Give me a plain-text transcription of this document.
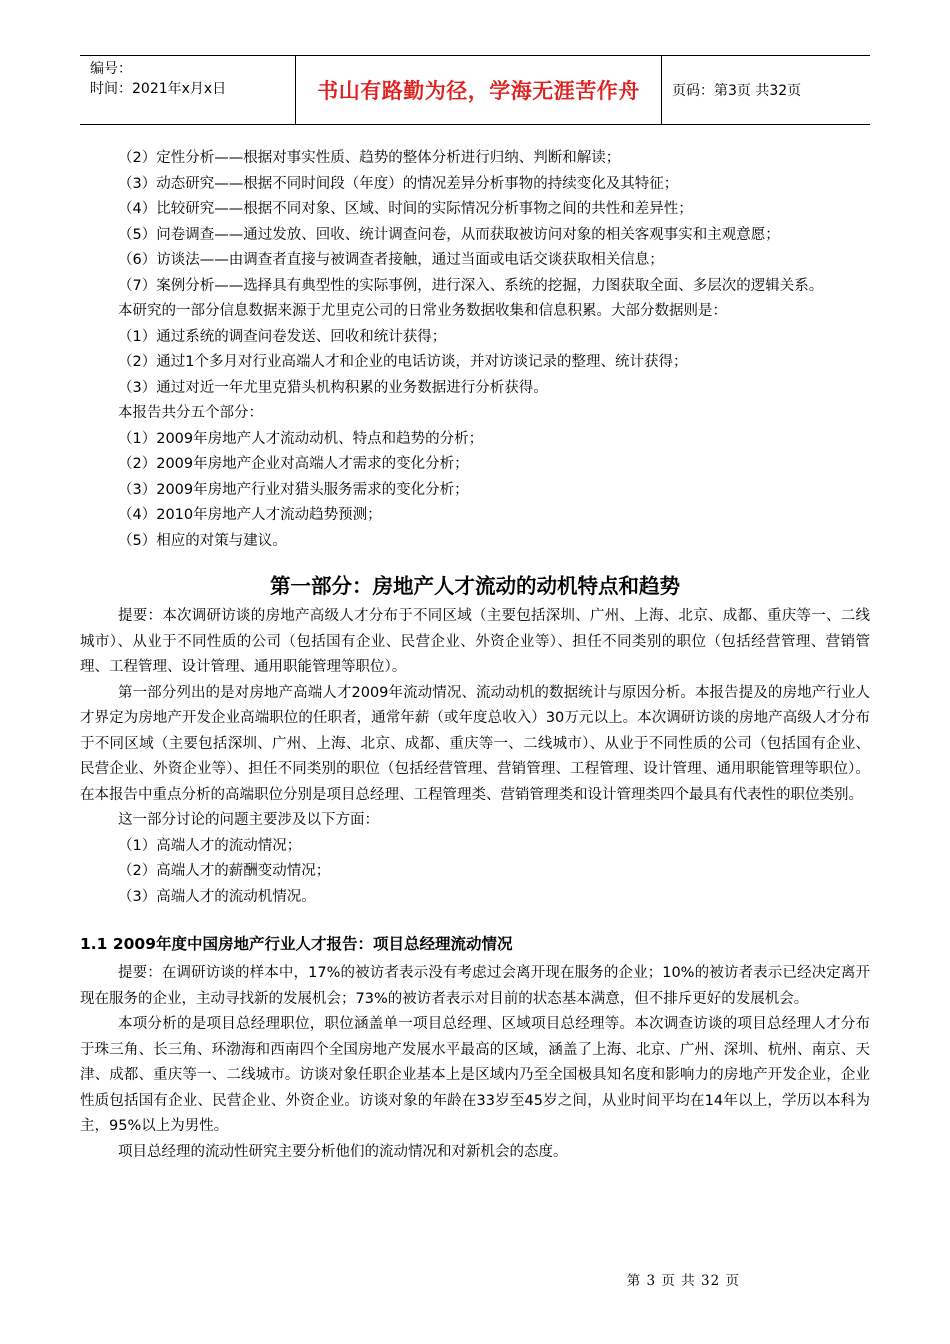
编号：
时间：2021年x月x日	书山有路勤为径，学海无涯苦作舟 页码：第3页 共32页
（2）定性分析——根据对事实性质、趋势的整体分析进行归纳、判断和解读；
（3）动态研究——根据不同时间段（年度）的情况差异分析事物的持续变化及其特征；
（4）比较研究——根据不同对象、区域、时间的实际情况分析事物之间的共性和差异性；
（5）问卷调查——通过发放、回收、统计调查问卷，从而获取被访问对象的相关客观事实和主观意愿；
（6）访谈法——由调查者直接与被调查者接触，通过当面或电话交谈获取相关信息；
（7）案例分析——选择具有典型性的实际事例，进行深入、系统的挖掘，力图获取全面、多层次的逻辑关系。
本研究的一部分信息数据来源于尤里克公司的日常业务数据收集和信息积累。大部分数据则是：
（1）通过系统的调查问卷发送、回收和统计获得；
（2）通过1个多月对行业高端人才和企业的电话访谈，并对访谈记录的整理、统计获得；
（3）通过对近一年尤里克猎头机构积累的业务数据进行分析获得。
本报告共分五个部分：
（1）2009年房地产人才流动动机、特点和趋势的分析；
（2）2009年房地产企业对高端人才需求的变化分析；
（3）2009年房地产行业对猎头服务需求的变化分析；
（4）2010年房地产人才流动趋势预测；
（5）相应的对策与建议。
第一部分：房地产人才流动的动机特点和趋势
提要：本次调研访谈的房地产高级人才分布于不同区域（主要包括深圳、广州、上海、北京、成都、重庆等一、二线城市）、从业于不同性质的公司（包括国有企业、民营企业、外资企业等）、担任不同类别的职位（包括经营管理、营销管理、工程管理、设计管理、通用职能管理等职位）。
第一部分列出的是对房地产高端人才2009年流动情况、流动动机的数据统计与原因分析。本报告提及的房地产行业人才界定为房地产开发企业高端职位的任职者，通常年薪（或年度总收入）30万元以上。本次调研访谈的房地产高级人才分布于不同区域（主要包括深圳、广州、上海、北京、成都、重庆等一、二线城市）、从业于不同性质的公司（包括国有企业、民营企业、外资企业等）、担任不同类别的职位（包括经营管理、营销管理、工程管理、设计管理、通用职能管理等职位）。在本报告中重点分析的高端职位分别是项目总经理、工程管理类、营销管理类和设计管理类四个最具有代表性的职位类别。
这一部分讨论的问题主要涉及以下方面：
（1）高端人才的流动情况；
（2）高端人才的薪酬变动情况；
（3）高端人才的流动机情况。
1.1 2009年度中国房地产行业人才报告：项目总经理流动情况
提要：在调研访谈的样本中，17%的被访者表示没有考虑过会离开现在服务的企业；10%的被访者表示已经决定离开现在服务的企业，主动寻找新的发展机会；73%的被访者表示对目前的状态基本满意，但不排斥更好的发展机会。
本项分析的是项目总经理职位，职位涵盖单一项目总经理、区域项目总经理等。本次调查访谈的项目总经理人才分布于珠三角、长三角、环渤海和西南四个全国房地产发展水平最高的区域，涵盖了上海、北京、广州、深圳、杭州、南京、天津、成都、重庆等一、二线城市。访谈对象任职企业基本上是区域内乃至全国极具知名度和影响力的房地产开发企业，企业性质包括国有企业、民营企业、外资企业。访谈对象的年龄在33岁至45岁之间，从业时间平均在14年以上，学历以本科为主，95%以上为男性。
项目总经理的流动性研究主要分析他们的流动情况和对新机会的态度。
第 3 页 共 32 页
